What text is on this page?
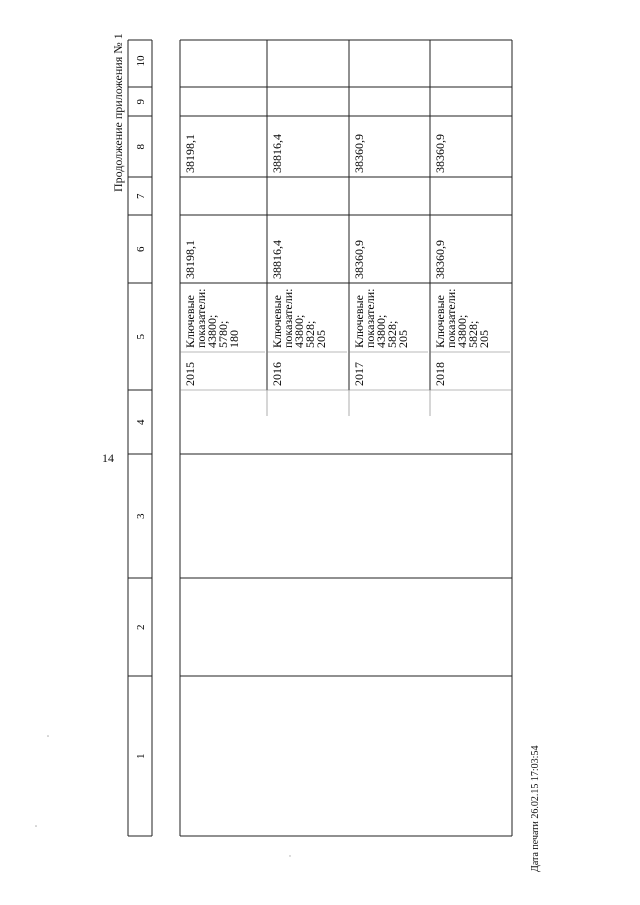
14
Продолжение приложения № 1
Дата печати 26.02.15 17:03:54
10
9
8
7
6
5
4
3
2
1
2015
Ключевые
показатели:
43800;
5780;
180
38198,1
38198,1
2016
Ключевые
показатели:
43800;
5828;
205
38816,4
38816,4
2017
Ключевые
показатели:
43800;
5828;
205
38360,9
38360,9
2018
Ключевые
показатели:
43800;
5828;
205
38360,9
38360,9
